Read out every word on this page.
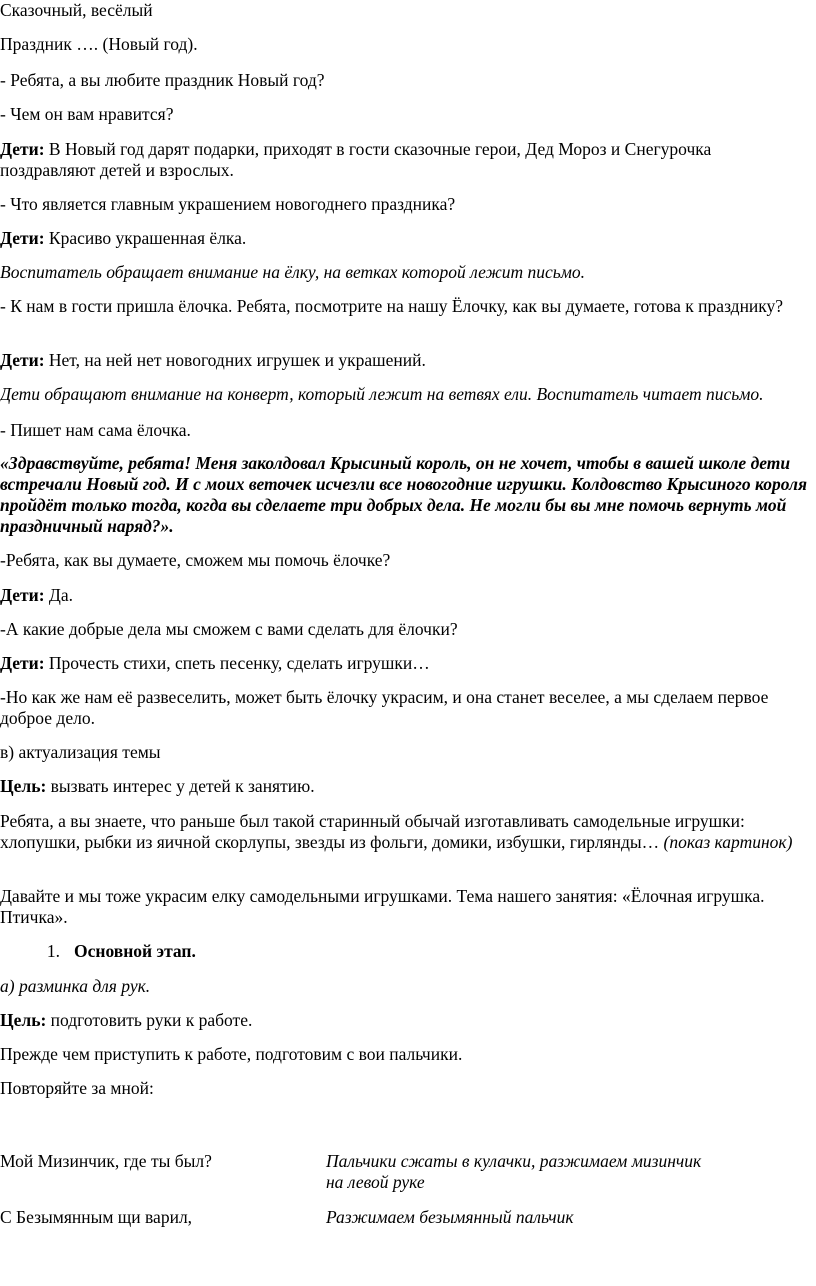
Сказочный, весёлый

Праздник …. (Новый год).

- Ребята, а вы любите праздник Новый год?

- Чем он вам нравится?

Дети: В Новый год дарят подарки, приходят в гости сказочные герои, Дед Мороз и Снегурочка поздравляют детей и взрослых.

- Что является главным украшением новогоднего праздника?

Дети: Красиво украшенная ёлка.

Воспитатель обращает внимание на ёлку, на ветках которой лежит письмо.

- К нам в гости пришла ёлочка. Ребята, посмотрите на нашу Ёлочку, как вы думаете, готова к празднику?

Дети: Нет, на ней нет новогодних игрушек и украшений.

Дети обращают внимание на конверт, который лежит на ветвях ели. Воспитатель читает письмо.

- Пишет нам сама ёлочка.

«Здравствуйте, ребята! Меня заколдовал Крысиный король, он не хочет, чтобы в вашей школе дети встречали Новый год. И с моих веточек исчезли все новогодние игрушки. Колдовство Крысиного короля пройдёт только тогда, когда вы сделаете три добрых дела. Не могли бы вы мне помочь вернуть мой праздничный наряд?».

-Ребята, как вы думаете, сможем мы помочь ёлочке?

Дети: Да.

-А какие добрые дела мы сможем с вами сделать для ёлочки?

Дети: Прочесть стихи, спеть песенку, сделать игрушки…

-Но как же нам её развеселить, может быть ёлочку украсим, и она станет веселее, а мы сделаем первое доброе дело.

в) актуализация темы

Цель: вызвать интерес у детей к занятию.

Ребята, а вы знаете, что раньше был такой старинный обычай изготавливать самодельные игрушки: хлопушки, рыбки из яичной скорлупы, звезды из фольги, домики, избушки, гирлянды… (показ картинок)

Давайте и мы тоже украсим елку самодельными игрушками. Тема нашего занятия: «Ёлочная игрушка. Птичка».

1. Основной этап.

а) разминка для рук.

Цель: подготовить руки к работе.

Прежде чем приступить к работе, подготовим с вои пальчики.

Повторяйте за мной:

Мой Мизинчик, где ты был?	Пальчики сжаты в кулачки, разжимаем мизинчик на левой руке
С Безымянным щи варил,	Разжимаем безымянный пальчик
